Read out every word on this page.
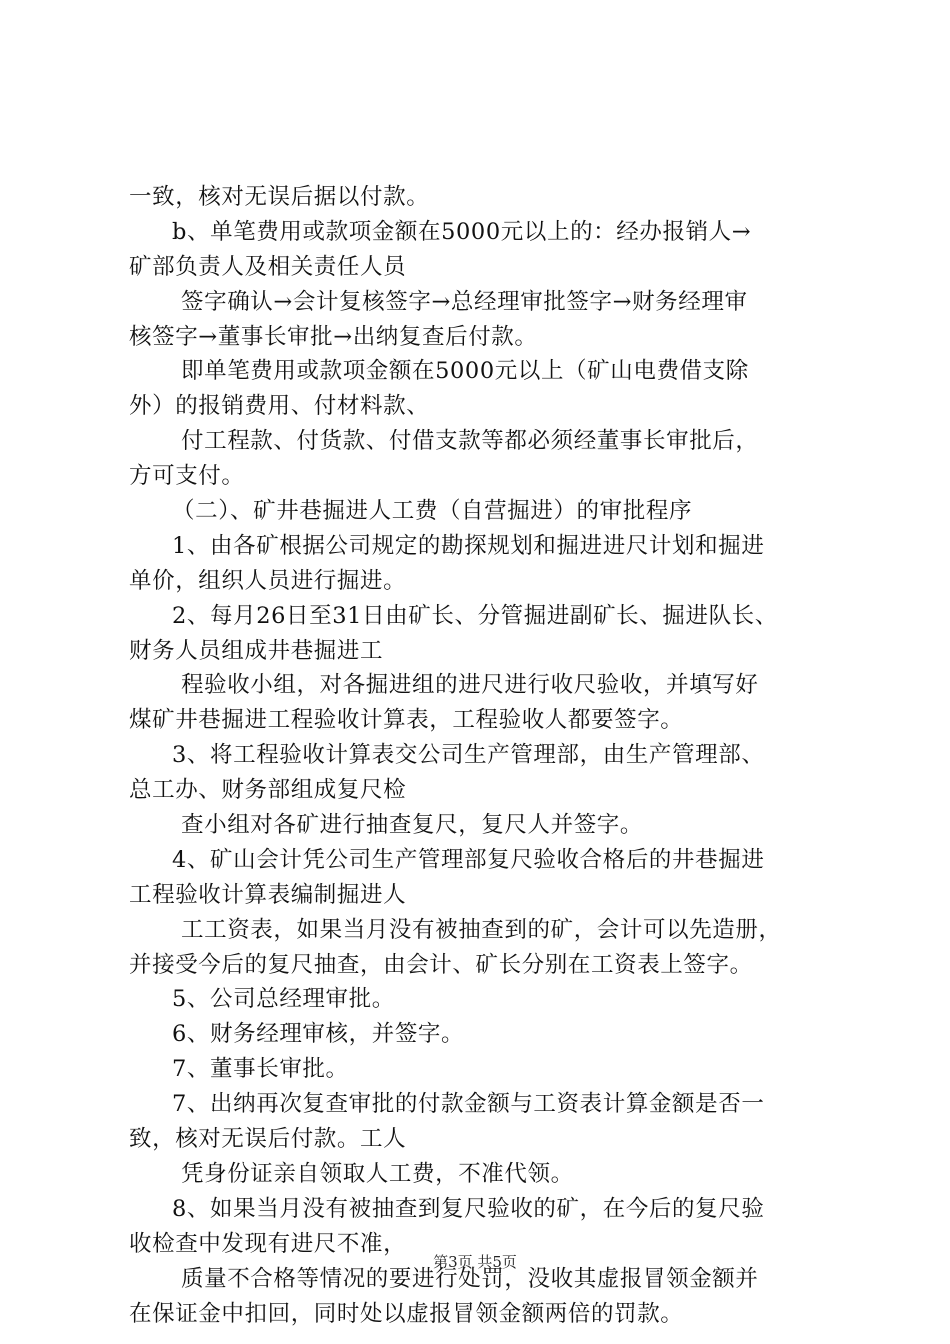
一致，核对无误后据以付款。
b、单笔费用或款项金额在5000元以上的：经办报销人→
矿部负责人及相关责任人员
签字确认→会计复核签字→总经理审批签字→财务经理审
核签字→董事长审批→出纳复查后付款。
即单笔费用或款项金额在5000元以上（矿山电费借支除
外）的报销费用、付材料款、
付工程款、付货款、付借支款等都必须经董事长审批后，
方可支付。
（二）、矿井巷掘进人工费（自营掘进）的审批程序
1、由各矿根据公司规定的勘探规划和掘进进尺计划和掘进
单价，组织人员进行掘进。
2、每月26日至31日由矿长、分管掘进副矿长、掘进队长、
财务人员组成井巷掘进工
程验收小组，对各掘进组的进尺进行收尺验收，并填写好
煤矿井巷掘进工程验收计算表，工程验收人都要签字。
3、将工程验收计算表交公司生产管理部，由生产管理部、
总工办、财务部组成复尺检
查小组对各矿进行抽查复尺，复尺人并签字。
4、矿山会计凭公司生产管理部复尺验收合格后的井巷掘进
工程验收计算表编制掘进人
工工资表，如果当月没有被抽查到的矿，会计可以先造册，
并接受今后的复尺抽查，由会计、矿长分别在工资表上签字。
5、公司总经理审批。
6、财务经理审核，并签字。
7、董事长审批。
7、出纳再次复查审批的付款金额与工资表计算金额是否一
致，核对无误后付款。工人
凭身份证亲自领取人工费，不准代领。
8、如果当月没有被抽查到复尺验收的矿，在今后的复尺验
收检查中发现有进尺不准，
质量不合格等情况的要进行处罚，没收其虚报冒领金额并
在保证金中扣回，同时处以虚报冒领金额两倍的罚款。
第3页 共5页
